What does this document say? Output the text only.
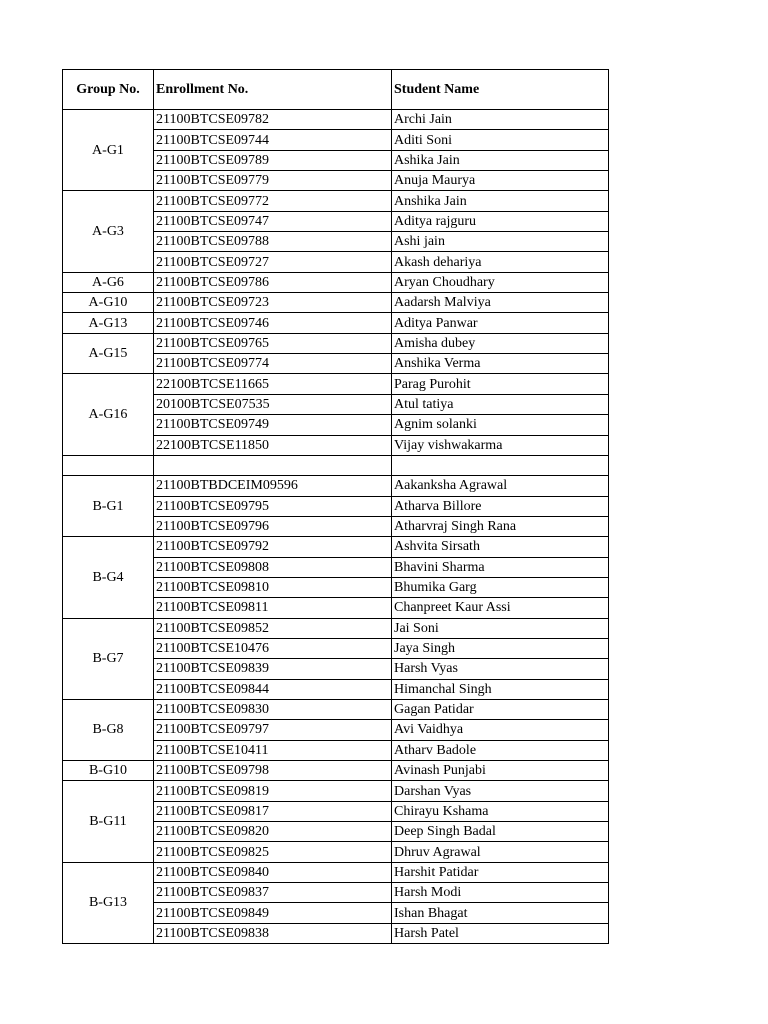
Group No.	Enrollment No.	Student Name
A-G1	21100BTCSE09782	Archi Jain
	21100BTCSE09744	Aditi Soni
	21100BTCSE09789	Ashika Jain
	21100BTCSE09779	Anuja Maurya
A-G3	21100BTCSE09772	Anshika Jain
	21100BTCSE09747	Aditya rajguru
	21100BTCSE09788	Ashi jain
	21100BTCSE09727	Akash dehariya
A-G6	21100BTCSE09786	Aryan Choudhary
A-G10	21100BTCSE09723	Aadarsh Malviya
A-G13	21100BTCSE09746	Aditya Panwar
A-G15	21100BTCSE09765	Amisha dubey
	21100BTCSE09774	Anshika Verma
A-G16	22100BTCSE11665	Parag Purohit
	20100BTCSE07535	Atul tatiya
	21100BTCSE09749	Agnim solanki
	22100BTCSE11850	Vijay vishwakarma

B-G1	21100BTBDCEIM09596	Aakanksha Agrawal
	21100BTCSE09795	Atharva Billore
	21100BTCSE09796	Atharvraj Singh Rana
B-G4	21100BTCSE09792	Ashvita Sirsath
	21100BTCSE09808	Bhavini Sharma
	21100BTCSE09810	Bhumika Garg
	21100BTCSE09811	Chanpreet Kaur Assi
B-G7	21100BTCSE09852	Jai Soni
	21100BTCSE10476	Jaya Singh
	21100BTCSE09839	Harsh Vyas
	21100BTCSE09844	Himanchal Singh
B-G8	21100BTCSE09830	Gagan Patidar
	21100BTCSE09797	Avi Vaidhya
	21100BTCSE10411	Atharv Badole
B-G10	21100BTCSE09798	Avinash Punjabi
B-G11	21100BTCSE09819	Darshan Vyas
	21100BTCSE09817	Chirayu Kshama
	21100BTCSE09820	Deep Singh Badal
	21100BTCSE09825	Dhruv Agrawal
B-G13	21100BTCSE09840	Harshit Patidar
	21100BTCSE09837	Harsh Modi
	21100BTCSE09849	Ishan Bhagat
	21100BTCSE09838	Harsh Patel
